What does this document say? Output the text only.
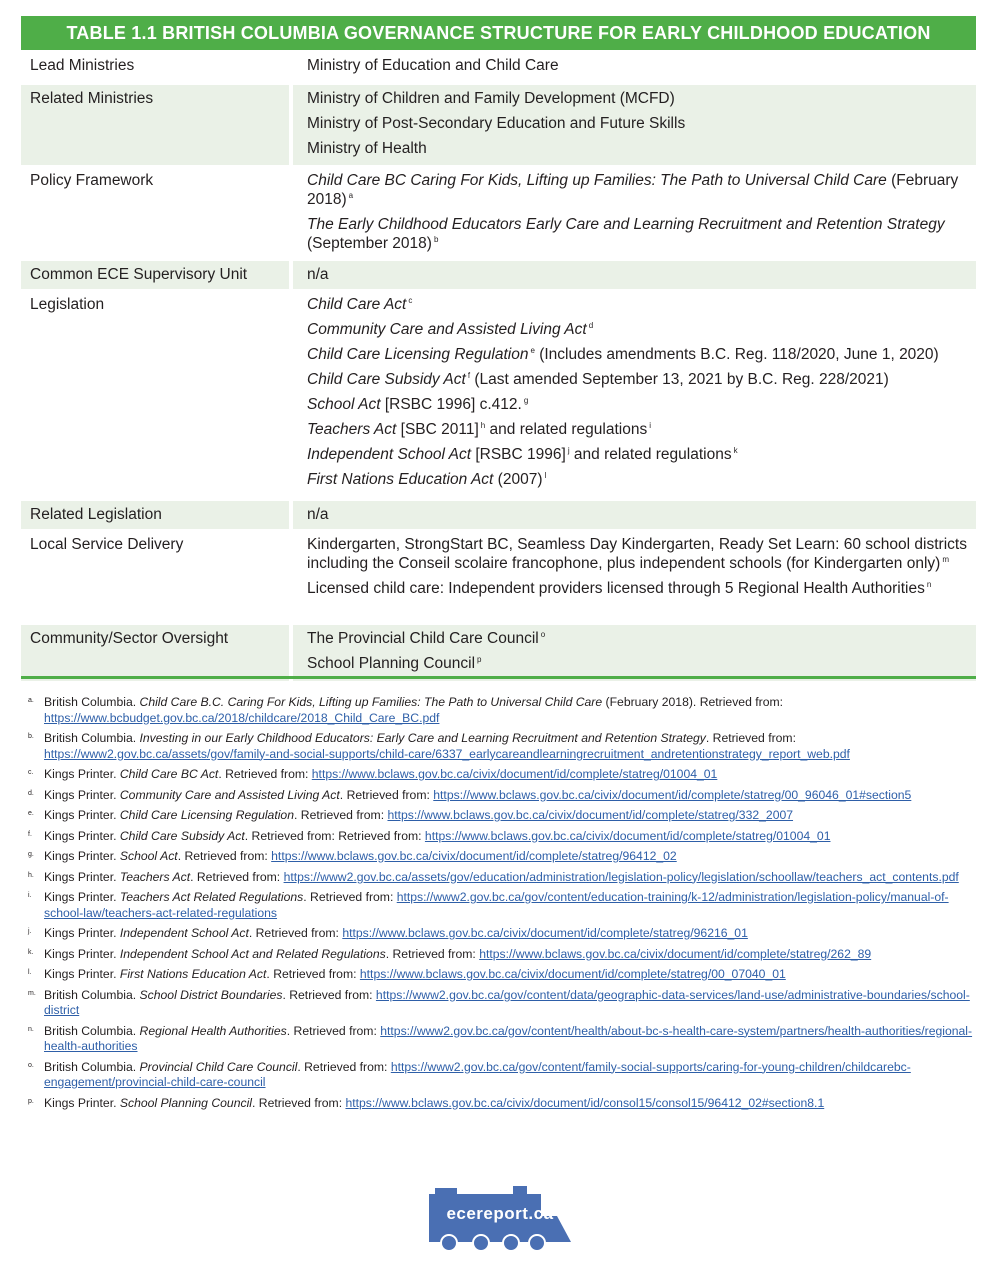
TABLE 1.1 BRITISH COLUMBIA GOVERNANCE STRUCTURE FOR EARLY CHILDHOOD EDUCATION
Lead Ministries	Ministry of Education and Child Care
Related Ministries	Ministry of Children and Family Development (MCFD)
Ministry of Post-Secondary Education and Future Skills
Ministry of Health
Policy Framework	Child Care BC Caring For Kids, Lifting up Families: The Path to Universal Child Care (February 2018) $^a$
The Early Childhood Educators Early Care and Learning Recruitment and Retention Strategy (September 2018) $^b$
Common ECE Supervisory Unit	n/a
Legislation	Child Care Act $^c$
Community Care and Assisted Living Act $^d$
Child Care Licensing Regulation $^e$ (Includes amendments B.C. Reg. 118/2020, June 1, 2020)
Child Care Subsidy Act $^f$ (Last amended September 13, 2021 by B.C. Reg. 228/2021)
School Act [RSBC 1996] c.412. $^g$
Teachers Act [SBC 2011] $^h$ and related regulations $^i$
Independent School Act [RSBC 1996] $^j$ and related regulations $^k$
First Nations Education Act (2007) $^l$
Related Legislation	n/a
Local Service Delivery	Kindergarten, StrongStart BC, Seamless Day Kindergarten, Ready Set Learn: 60 school districts including the Conseil scolaire francophone, plus independent schools (for Kindergarten only) $^m$
Licensed child care: Independent providers licensed through 5 Regional Health Authorities $^n$
Community/Sector Oversight	The Provincial Child Care Council $^o$
School Planning Council $^p$
a. British Columbia. Child Care B.C. Caring For Kids, Lifting up Families: The Path to Universal Child Care (February 2018). Retrieved from: https://www.bcbudget.gov.bc.ca/2018/childcare/2018_Child_Care_BC.pdf
b. British Columbia. Investing in our Early Childhood Educators: Early Care and Learning Recruitment and Retention Strategy. Retrieved from: https://www2.gov.bc.ca/assets/gov/family-and-social-supports/child-care/6337_earlycareandlearningrecruitment_andretentionstrategy_report_web.pdf
c. Kings Printer. Child Care BC Act. Retrieved from: https://www.bclaws.gov.bc.ca/civix/document/id/complete/statreg/01004_01
d. Kings Printer. Community Care and Assisted Living Act. Retrieved from: https://www.bclaws.gov.bc.ca/civix/document/id/complete/statreg/00_96046_01#section5
e. Kings Printer. Child Care Licensing Regulation. Retrieved from: https://www.bclaws.gov.bc.ca/civix/document/id/complete/statreg/332_2007
f. Kings Printer. Child Care Subsidy Act. Retrieved from: Retrieved from: https://www.bclaws.gov.bc.ca/civix/document/id/complete/statreg/01004_01
g. Kings Printer. School Act. Retrieved from: https://www.bclaws.gov.bc.ca/civix/document/id/complete/statreg/96412_02
h. Kings Printer. Teachers Act. Retrieved from: https://www2.gov.bc.ca/assets/gov/education/administration/legislation-policy/legislation/schoollaw/teachers_act_contents.pdf
i.	Kings Printer. Teachers Act Related Regulations. Retrieved from: https://www2.gov.bc.ca/gov/content/education-training/k-12/administration/legislation-policy/manual-of-school-law/teachers-act-related-regulations
j.	Kings Printer. Independent School Act. Retrieved from: https://www.bclaws.gov.bc.ca/civix/document/id/complete/statreg/96216_01
k. Kings Printer. Independent School Act and Related Regulations. Retrieved from: https://www.bclaws.gov.bc.ca/civix/document/id/complete/statreg/262_89
l.	Kings Printer. First Nations Education Act. Retrieved from: https://www.bclaws.gov.bc.ca/civix/document/id/complete/statreg/00_07040_01
m. British Columbia. School District Boundaries. Retrieved from: https://www2.gov.bc.ca/gov/content/data/geographic-data-services/land-use/administrative-boundaries/school-district
n. British Columbia. Regional Health Authorities. Retrieved from: https://www2.gov.bc.ca/gov/content/health/about-bc-s-health-care-system/partners/health-authorities/regional-health-authorities
o. British Columbia. Provincial Child Care Council. Retrieved from: https://www2.gov.bc.ca/gov/content/family-social-supports/caring-for-young-children/childcarebc-engagement/provincial-child-care-council
p. Kings Printer. School Planning Council. Retrieved from: https://www.bclaws.gov.bc.ca/civix/document/id/consol15/consol15/96412_02#section8.1
ecereport.ca
